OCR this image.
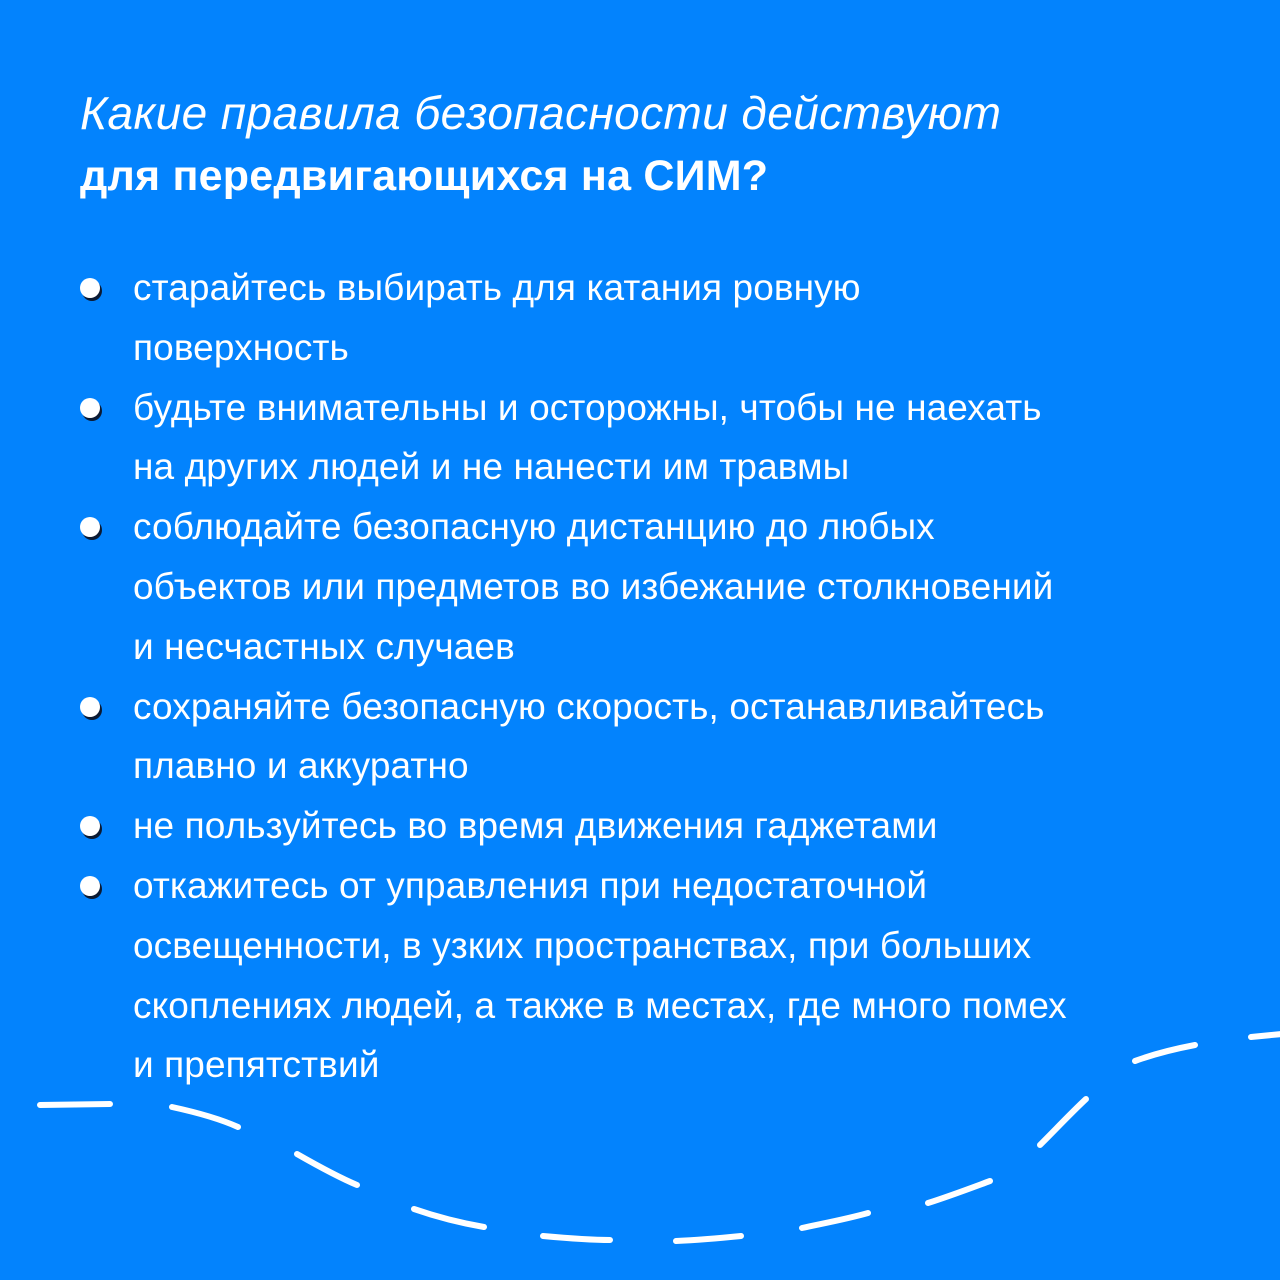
Какие правила безопасности действуют
для передвигающихся на СИМ?
старайтесь выбирать для катания ровную
поверхность
будьте внимательны и осторожны, чтобы не наехать
на других людей и не нанести им травмы
соблюдайте безопасную дистанцию до любых
объектов или предметов во избежание столкновений
и несчастных случаев
сохраняйте безопасную скорость, останавливайтесь
плавно и аккуратно
не пользуйтесь во время движения гаджетами
откажитесь от управления при недостаточной
освещенности, в узких пространствах, при больших
скоплениях людей, а также в местах, где много помех
и препятствий
